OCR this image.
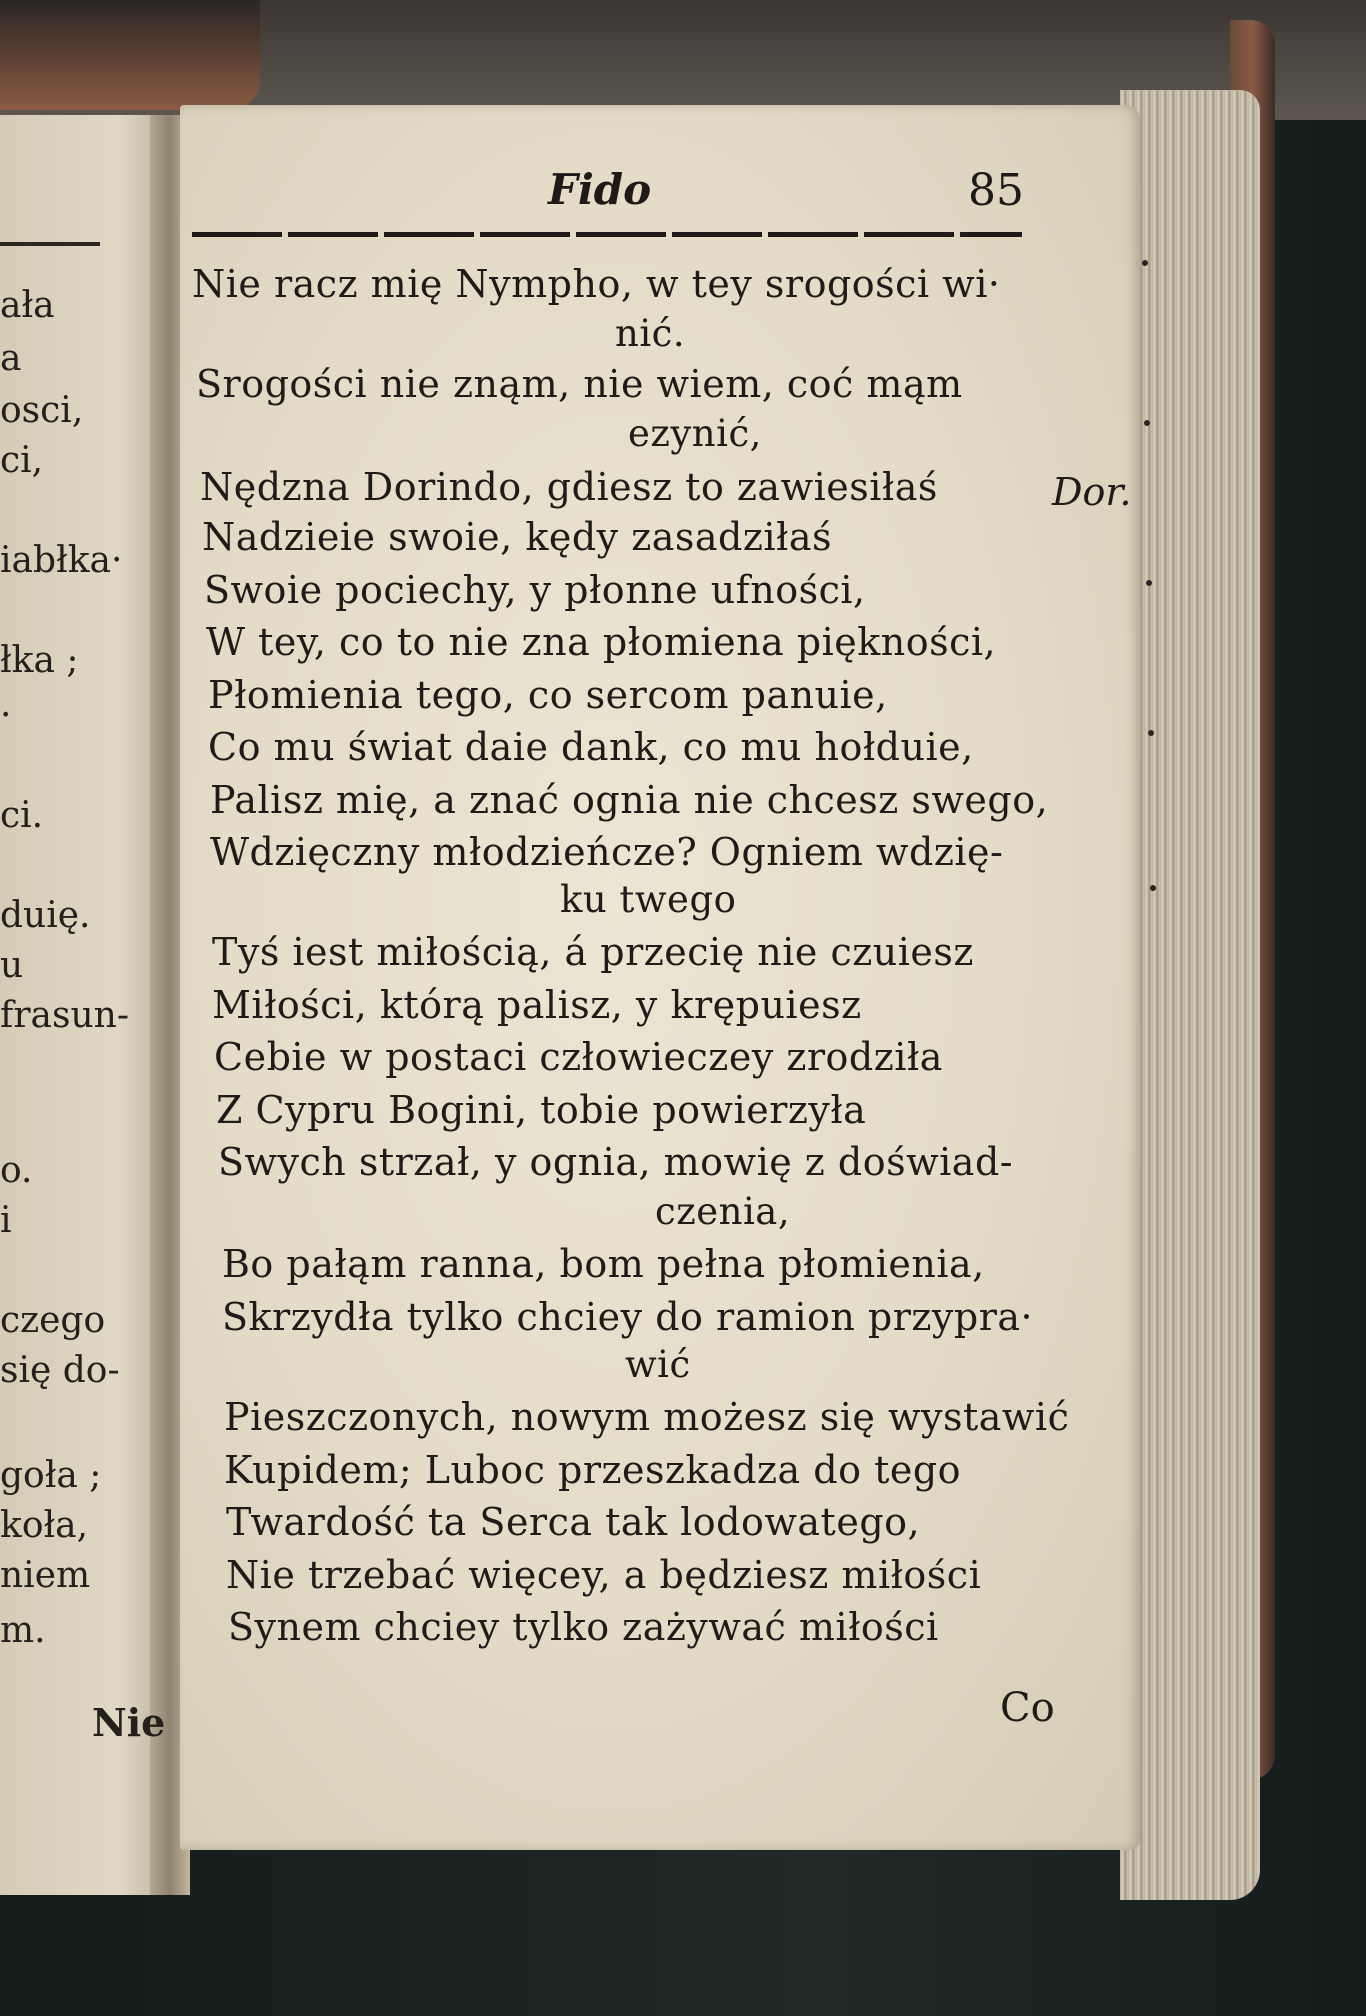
ała
a
osci,
ci,
iabłka·
łka ;
·
ci.
duię.
u
frasun-
o.
i
czego
się do-
goła ;
koła,
niem
m.
Nie
Fido	85
Nie racz mię Nympho, w tey srogości wi·
nić.
Srogości nie znąm, nie wiem, coć mąm
ezynić,
Nędzna Dorindo, gdiesz to zawiesiłaś
Nadzieie swoie, kędy zasadziłaś
Swoie pociechy, y płonne ufności,
W tey, co to nie zna płomiena piękności,
Płomienia tego, co sercom panuie,
Co mu świat daie dank, co mu hołduie,
Palisz mię, a znać ognia nie chcesz swego,
Wdzięczny młodzieńcze? Ogniem wdzię-
ku twego
Tyś iest miłością, á przecię nie czuiesz
Miłości, którą palisz, y krępuiesz
Cebie w postaci człowieczey zrodziła
Z Cypru Bogini, tobie powierzyła
Swych strzał, y ognia, mowię z doświad-
czenia,
Bo pałąm ranna, bom pełna płomienia,
Skrzydła tylko chciey do ramion przypra·
wić
Pieszczonych, nowym możesz się wystawić
Kupidem; Luboc przeszkadza do tego
Twardość ta Serca tak lodowatego,
Nie trzebać więcey, a będziesz miłości
Synem chciey tylko zażywać miłości
Dor.
Co
